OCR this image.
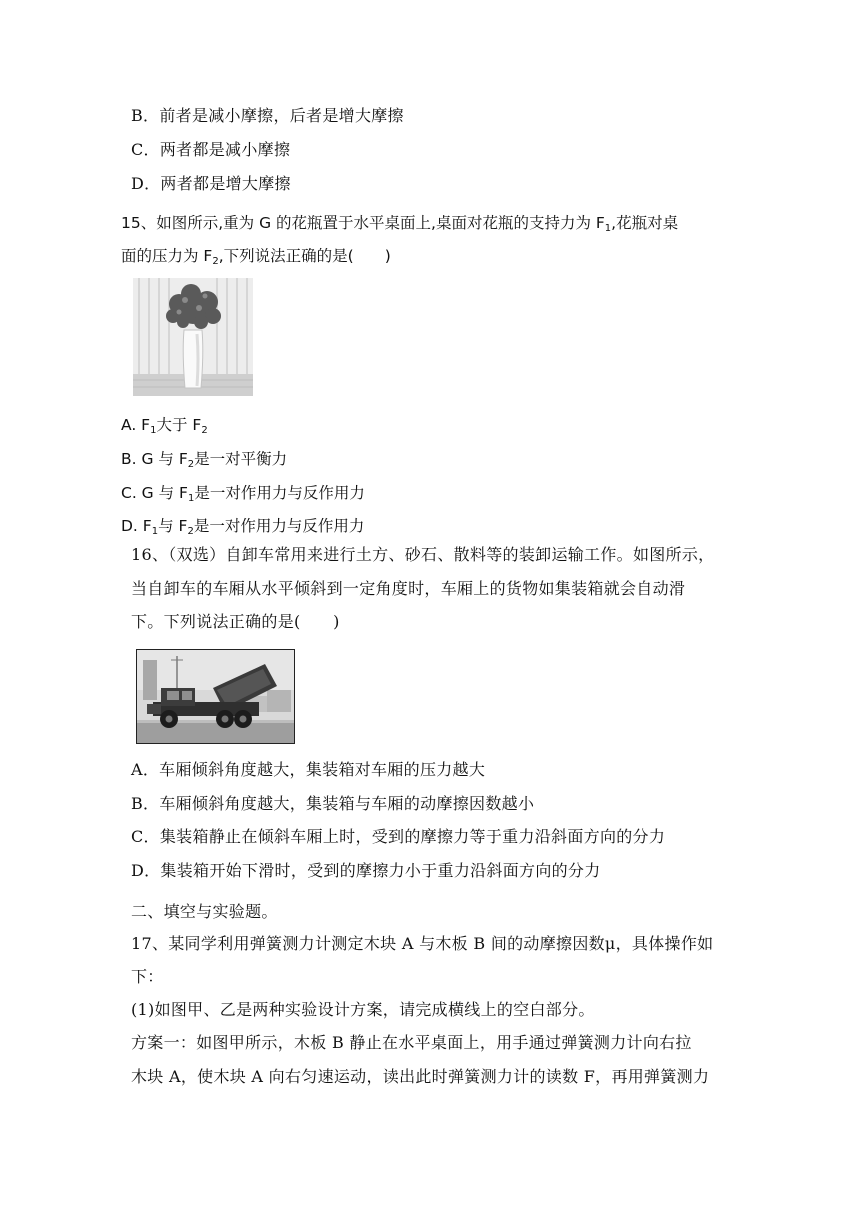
B．前者是减小摩擦，后者是增大摩擦
C．两者都是减小摩擦
D．两者都是增大摩擦
15、如图所示,重为 G 的花瓶置于水平桌面上,桌面对花瓶的支持力为 $F_1$,花瓶对桌
面的压力为 $F_2$,下列说法正确的是(　　)
A. $F_1$大于 $F_2$
B. G 与 $F_2$是一对平衡力
C. G 与 $F_1$是一对作用力与反作用力
D. $F_1$与 $F_2$是一对作用力与反作用力
16、（双选）自卸车常用来进行土方、砂石、散料等的装卸运输工作。如图所示，
当自卸车的车厢从水平倾斜到一定角度时，车厢上的货物如集装箱就会自动滑
下。下列说法正确的是(　　)
A．车厢倾斜角度越大，集装箱对车厢的压力越大
B．车厢倾斜角度越大，集装箱与车厢的动摩擦因数越小
C．集装箱静止在倾斜车厢上时，受到的摩擦力等于重力沿斜面方向的分力
D．集装箱开始下滑时，受到的摩擦力小于重力沿斜面方向的分力
二、填空与实验题。
17、某同学利用弹簧测力计测定木块 A 与木板 B 间的动摩擦因数μ，具体操作如
下：
(1)如图甲、乙是两种实验设计方案，请完成横线上的空白部分。
方案一：如图甲所示，木板 B 静止在水平桌面上，用手通过弹簧测力计向右拉
木块 A，使木块 A 向右匀速运动，读出此时弹簧测力计的读数 F，再用弹簧测力
